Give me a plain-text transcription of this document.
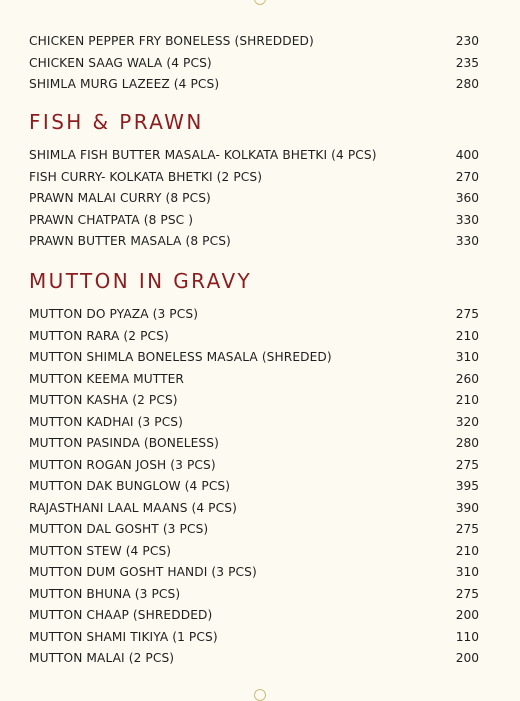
CHICKEN PEPPER FRY BONELESS (SHREDDED)	230
CHICKEN SAAG WALA (4 PCS)	235
SHIMLA MURG LAZEEZ (4 PCS)	280
FISH & PRAWN
SHIMLA FISH BUTTER MASALA- KOLKATA BHETKI (4 PCS)	400
FISH CURRY- KOLKATA BHETKI (2 PCS)	270
PRAWN MALAI CURRY (8 PCS)	360
PRAWN CHATPATA (8 PSC )	330
PRAWN BUTTER MASALA (8 PCS)	330
MUTTON IN GRAVY
MUTTON DO PYAZA (3 PCS)	275
MUTTON RARA (2 PCS)	210
MUTTON SHIMLA BONELESS MASALA (SHREDED)	310
MUTTON KEEMA MUTTER	260
MUTTON KASHA (2 PCS)	210
MUTTON KADHAI (3 PCS)	320
MUTTON PASINDA (BONELESS)	280
MUTTON ROGAN JOSH (3 PCS)	275
MUTTON DAK BUNGLOW (4 PCS)	395
RAJASTHANI LAAL MAANS (4 PCS)	390
MUTTON DAL GOSHT (3 PCS)	275
MUTTON STEW (4 PCS)	210
MUTTON DUM GOSHT HANDI (3 PCS)	310
MUTTON BHUNA (3 PCS)	275
MUTTON CHAAP (SHREDDED)	200
MUTTON SHAMI TIKIYA (1 PCS)	110
MUTTON MALAI (2 PCS)	200
